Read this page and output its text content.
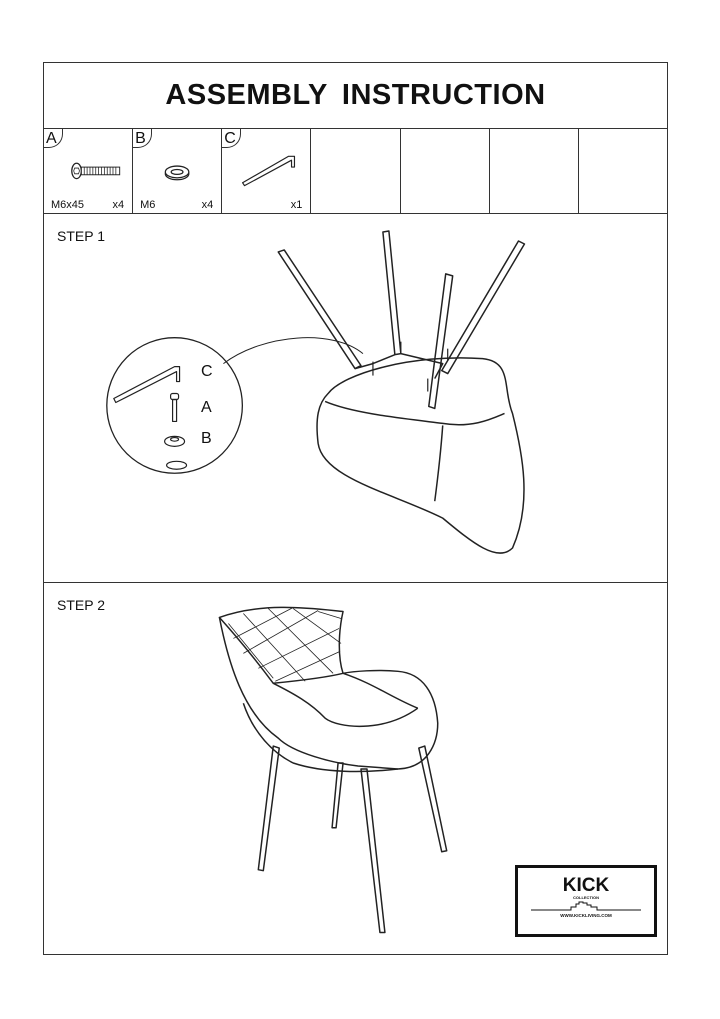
ASSEMBLY INSTRUCTION
A
M6x45	x4
B
M6	x4
C
x1
STEP 1
C
A
B
STEP 2
KICK
COLLECTION
WWW.KICKLIVING.COM
